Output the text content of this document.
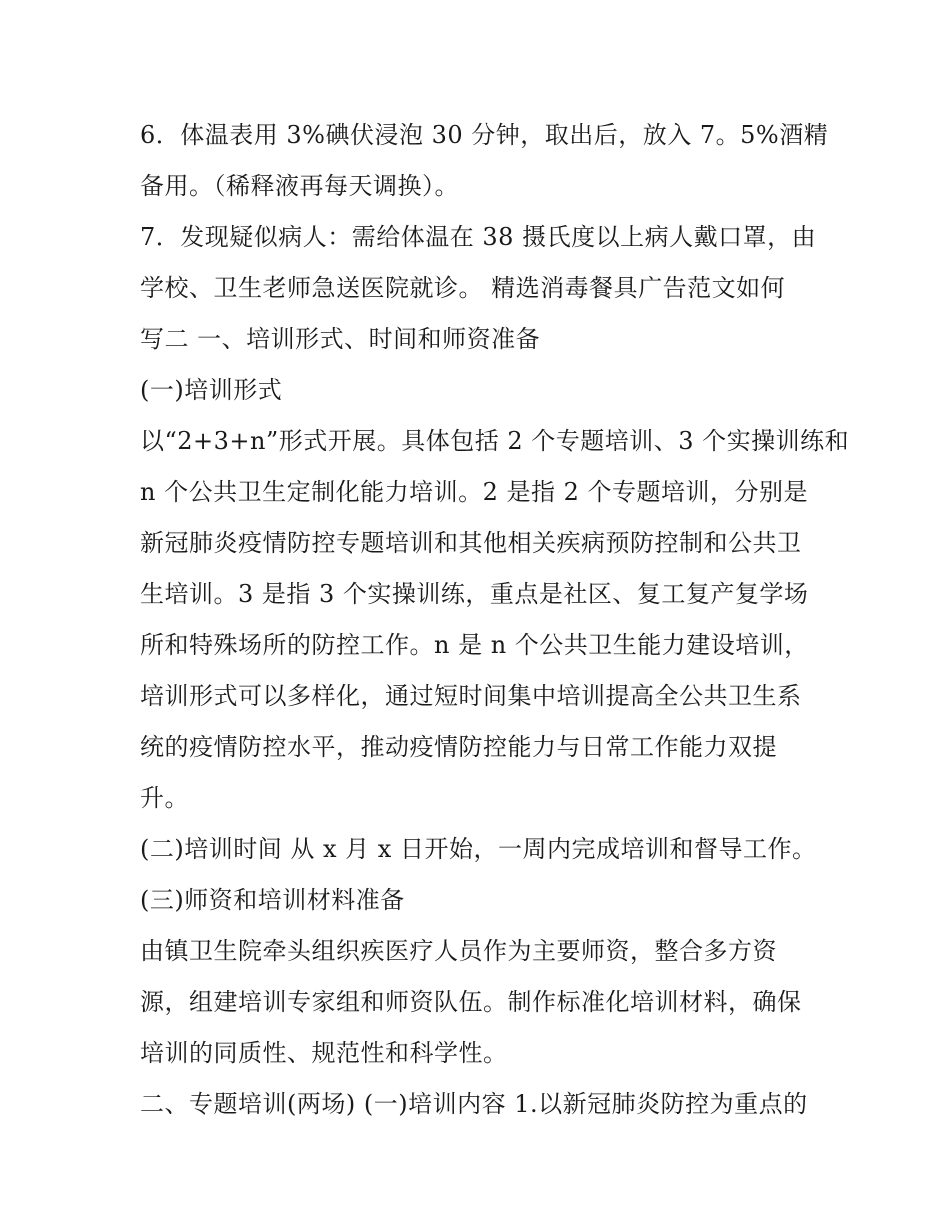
6．体温表用 3%碘伏浸泡 30 分钟，取出后，放入 7。5%酒精
备用。（稀释液再每天调换）。
7．发现疑似病人：需给体温在 38 摄氏度以上病人戴口罩，由
学校、卫生老师急送医院就诊。 精选消毒餐具广告范文如何
写二 一、培训形式、时间和师资准备
(一)培训形式
以“2+3+n”形式开展。具体包括 2 个专题培训、3 个实操训练和
n 个公共卫生定制化能力培训。2 是指 2 个专题培训，分别是
新冠肺炎疫情防控专题培训和其他相关疾病预防控制和公共卫
生培训。3 是指 3 个实操训练，重点是社区、复工复产复学场
所和特殊场所的防控工作。n 是 n 个公共卫生能力建设培训，
培训形式可以多样化，通过短时间集中培训提高全公共卫生系
统的疫情防控水平，推动疫情防控能力与日常工作能力双提
升。
(二)培训时间 从 x 月 x 日开始，一周内完成培训和督导工作。
(三)师资和培训材料准备
由镇卫生院牵头组织疾医疗人员作为主要师资，整合多方资
源，组建培训专家组和师资队伍。制作标准化培训材料，确保
培训的同质性、规范性和科学性。
二、专题培训(两场) (一)培训内容 1.以新冠肺炎防控为重点的
